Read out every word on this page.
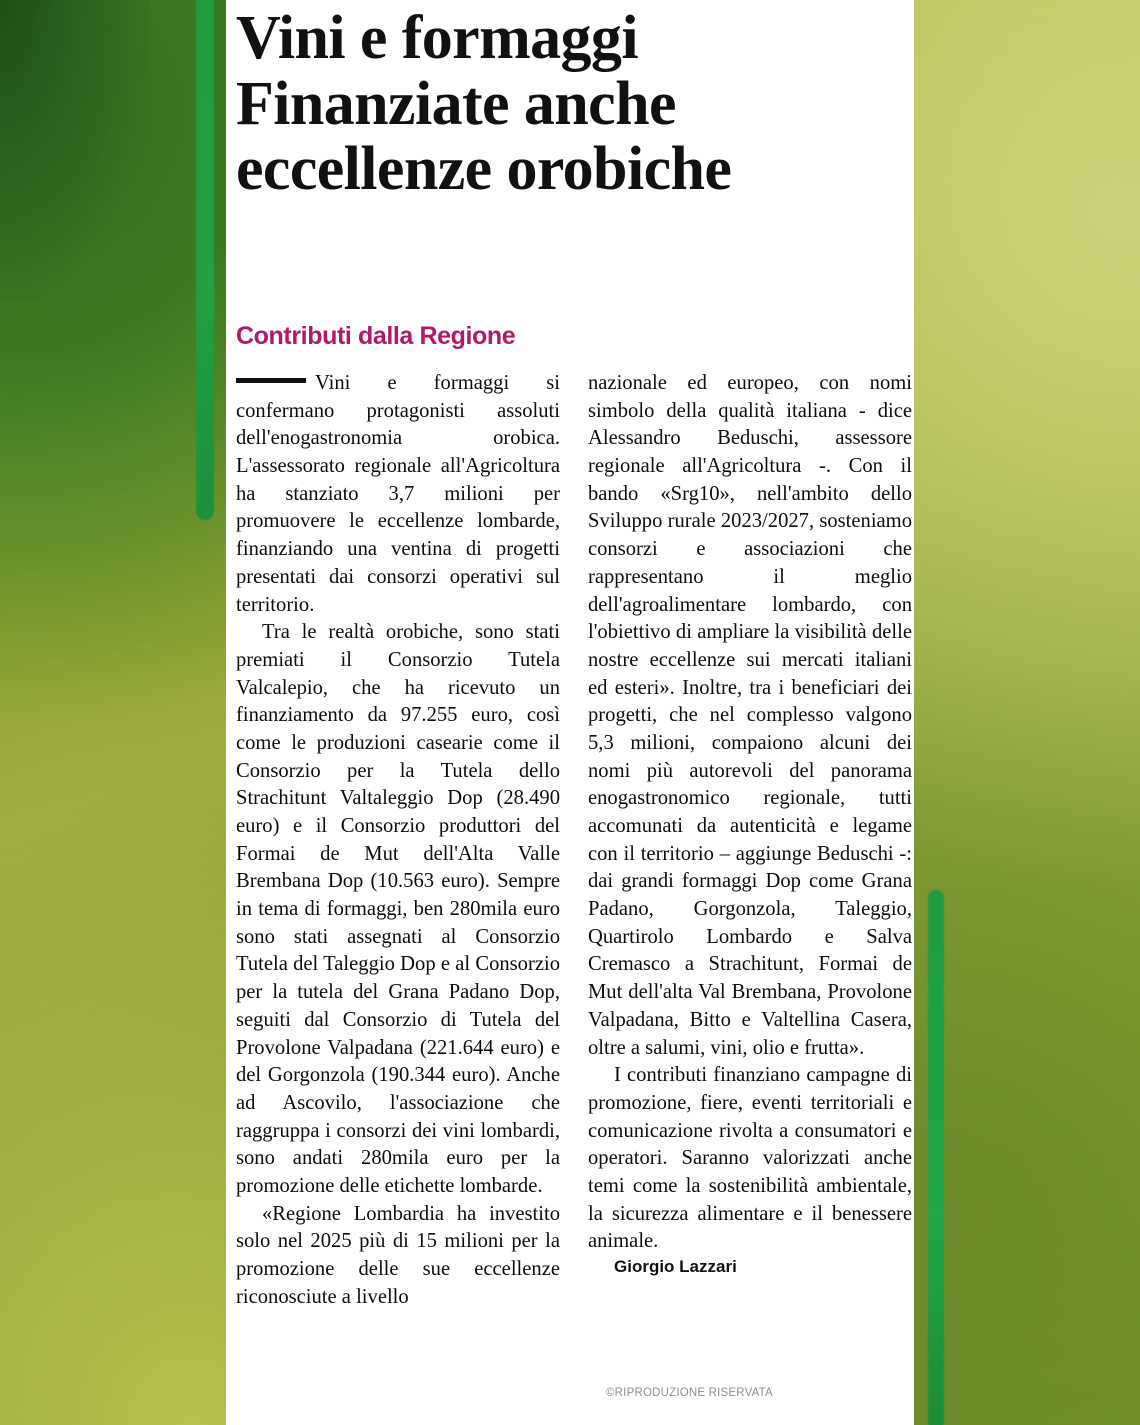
Vini e formaggi
Finanziate anche
eccellenze orobiche
Contributi dalla Regione

Vini e formaggi si confermano protagonisti assoluti dell'enogastronomia orobica. L'assessorato regionale all'Agricoltura ha stanziato 3,7 milioni per promuovere le eccellenze lombarde, finanziando una ventina di progetti presentati dai consorzi operativi sul territorio.

Tra le realtà orobiche, sono stati premiati il Consorzio Tutela Valcalepio, che ha ricevuto un finanziamento da 97.255 euro, così come le produzioni casearie come il Consorzio per la Tutela dello Strachitunt Valtaleggio Dop (28.490 euro) e il Consorzio produttori del Formai de Mut dell'Alta Valle Brembana Dop (10.563 euro). Sempre in tema di formaggi, ben 280mila euro sono stati assegnati al Consorzio Tutela del Taleggio Dop e al Consorzio per la tutela del Grana Padano Dop, seguiti dal Consorzio di Tutela del Provolone Valpadana (221.644 euro) e del Gorgonzola (190.344 euro). Anche ad Ascovilo, l'associazione che raggruppa i consorzi dei vini lombardi, sono andati 280mila euro per la promozione delle etichette lombarde.

«Regione Lombardia ha investito solo nel 2025 più di 15 milioni per la promozione delle sue eccellenze riconosciute a livello

nazionale ed europeo, con nomi simbolo della qualità italiana - dice Alessandro Beduschi, assessore regionale all'Agricoltura -. Con il bando «Srg10», nell'ambito dello Sviluppo rurale 2023/2027, sosteniamo consorzi e associazioni che rappresentano il meglio dell'agroalimentare lombardo, con l'obiettivo di ampliare la visibilità delle nostre eccellenze sui mercati italiani ed esteri». Inoltre, tra i beneficiari dei progetti, che nel complesso valgono 5,3 milioni, compaiono alcuni dei nomi più autorevoli del panorama enogastronomico regionale, tutti accomunati da autenticità e legame con il territorio – aggiunge Beduschi -: dai grandi formaggi Dop come Grana Padano, Gorgonzola, Taleggio, Quartirolo Lombardo e Salva Cremasco a Strachitunt, Formai de Mut dell'alta Val Brembana, Provolone Valpadana, Bitto e Valtellina Casera, oltre a salumi, vini, olio e frutta».

I contributi finanziano campagne di promozione, fiere, eventi territoriali e comunicazione rivolta a consumatori e operatori. Saranno valorizzati anche temi come la sostenibilità ambientale, la sicurezza alimentare e il benessere animale.

Giorgio Lazzari

©RIPRODUZIONE RISERVATA
